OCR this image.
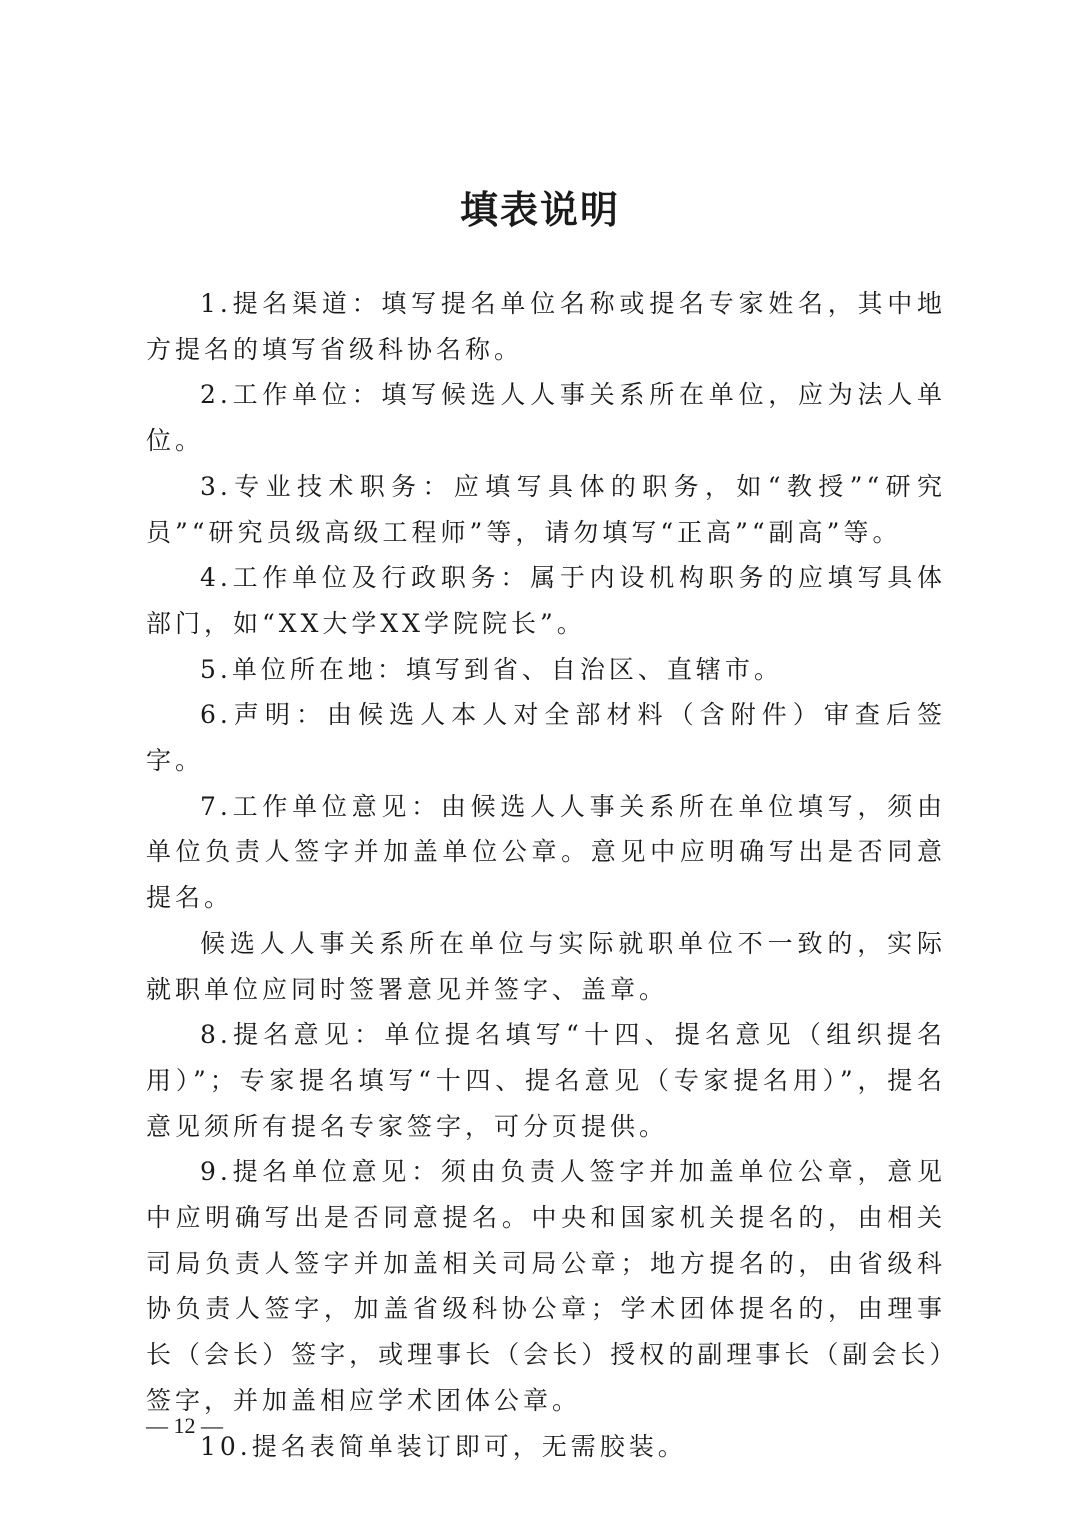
填表说明

1.提名渠道：填写提名单位名称或提名专家姓名，其中地方提名的填写省级科协名称。

2.工作单位：填写候选人人事关系所在单位，应为法人单位。

3.专业技术职务：应填写具体的职务，如“教授”“研究员”“研究员级高级工程师”等，请勿填写“正高”“副高”等。

4.工作单位及行政职务：属于内设机构职务的应填写具体部门，如“XX大学XX学院院长”。

5.单位所在地：填写到省、自治区、直辖市。

6.声明：由候选人本人对全部材料（含附件）审查后签字。

7.工作单位意见：由候选人人事关系所在单位填写，须由单位负责人签字并加盖单位公章。意见中应明确写出是否同意提名。

候选人人事关系所在单位与实际就职单位不一致的，实际就职单位应同时签署意见并签字、盖章。

8.提名意见：单位提名填写“十四、提名意见（组织提名用）”；专家提名填写“十四、提名意见（专家提名用）”，提名意见须所有提名专家签字，可分页提供。

9.提名单位意见：须由负责人签字并加盖单位公章，意见中应明确写出是否同意提名。中央和国家机关提名的，由相关司局负责人签字并加盖相关司局公章；地方提名的，由省级科协负责人签字，加盖省级科协公章；学术团体提名的，由理事长（会长）签字，或理事长（会长）授权的副理事长（副会长）签字，并加盖相应学术团体公章。

10.提名表简单装订即可，无需胶装。

— 12 —
